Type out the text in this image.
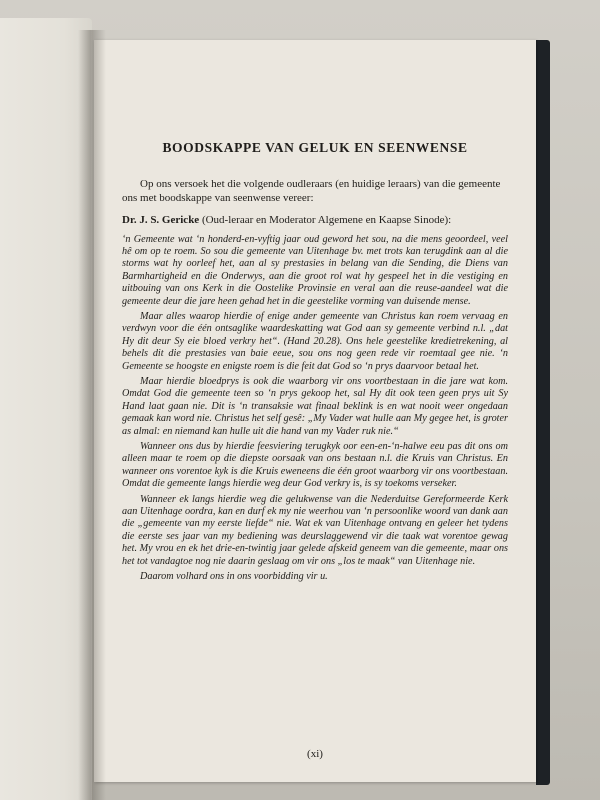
BOODSKAPPE VAN GELUK EN SEENWENSE

Op ons versoek het die volgende oudleraars (en huidige leraars) van die gemeente ons met boodskappe van seenwense vereer:

Dr. J. S. Gericke (Oud-leraar en Moderator Algemene en Kaapse Sinode):

‘n Gemeente wat ‘n honderd-en-vyftig jaar oud geword het sou, na die mens geoordeel, veel hê om op te roem. So sou die gemeente van Uitenhage bv. met trots kan terugdink aan al die storms wat hy oorleef het, aan al sy prestasies in belang van die Sending, die Diens van Barmhartigheid en die Onderwys, aan die groot rol wat hy gespeel het in die vestiging en uitbouing van ons Kerk in die Oostelike Provinsie en veral aan die reuse-aandeel wat die gemeente deur die jare heen gehad het in die geestelike vorming van duisende mense.

Maar alles waarop hierdie of enige ander gemeente van Christus kan roem vervaag en verdwyn voor die één ontsaglike waardeskatting wat God aan sy gemeente verbind n.l. „dat Hy dit deur Sy eie bloed verkry het“. (Hand 20.28). Ons hele geestelike kredietrekening, al behels dit die prestasies van baie eeue, sou ons nog geen rede vir roemtaal gee nie. ‘n Gemeente se hoogste en enigste roem is die feit dat God so ‘n prys daarvoor betaal het.

Maar hierdie bloedprys is ook die waarborg vir ons voortbestaan in die jare wat kom. Omdat God die gemeente teen so ‘n prys gekoop het, sal Hy dit ook teen geen prys uit Sy Hand laat gaan nie. Dit is ‘n transaksie wat finaal beklink is en wat nooit weer ongedaan gemaak kan word nie. Christus het self gesê: „My Vader wat hulle aan My gegee het, is groter as almal: en niemand kan hulle uit die hand van my Vader ruk nie.“

Wanneer ons dus by hierdie feesviering terugkyk oor een-en-‘n-halwe eeu pas dit ons om alleen maar te roem op die diepste oorsaak van ons bestaan n.l. die Kruis van Christus. En wanneer ons vorentoe kyk is die Kruis eweneens die één groot waarborg vir ons voortbestaan. Omdat die gemeente langs hierdie weg deur God verkry is, is sy toekoms verseker.

Wanneer ek langs hierdie weg die gelukwense van die Nederduitse Gereformeerde Kerk aan Uitenhage oordra, kan en durf ek my nie weerhou van ‘n persoonlike woord van dank aan die „gemeente van my eerste liefde“ nie. Wat ek van Uitenhage ontvang en geleer het tydens die eerste ses jaar van my bediening was deurslaggewend vir die taak wat vorentoe gewag het. My vrou en ek het drie-en-twintig jaar gelede afskeid geneem van die gemeente, maar ons het tot vandagtoe nog nie daarin geslaag om vir ons „los te maak“ van Uitenhage nie.

Daarom volhard ons in ons voorbidding vir u.

(xi)
